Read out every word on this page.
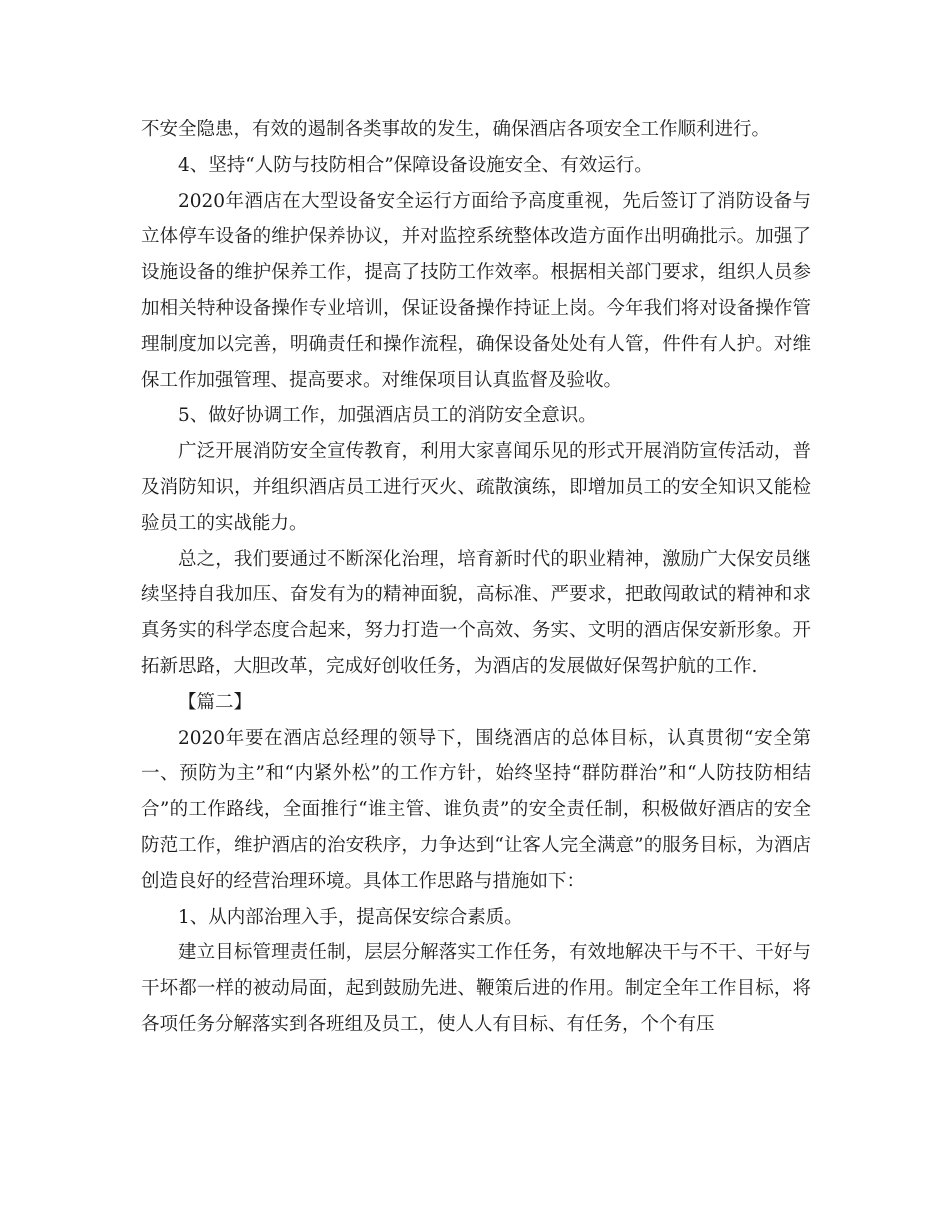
不安全隐患，有效的遏制各类事故的发生，确保酒店各项安全工作顺利进行。

4、坚持“人防与技防相合”保障设备设施安全、有效运行。

2020年酒店在大型设备安全运行方面给予高度重视，先后签订了消防设备与立体停车设备的维护保养协议，并对监控系统整体改造方面作出明确批示。加强了设施设备的维护保养工作，提高了技防工作效率。根据相关部门要求，组织人员参加相关特种设备操作专业培训，保证设备操作持证上岗。今年我们将对设备操作管理制度加以完善，明确责任和操作流程，确保设备处处有人管，件件有人护。对维保工作加强管理、提高要求。对维保项目认真监督及验收。

5、做好协调工作，加强酒店员工的消防安全意识。

广泛开展消防安全宣传教育，利用大家喜闻乐见的形式开展消防宣传活动，普及消防知识，并组织酒店员工进行灭火、疏散演练，即增加员工的安全知识又能检验员工的实战能力。

总之，我们要通过不断深化治理，培育新时代的职业精神，激励广大保安员继续坚持自我加压、奋发有为的精神面貌，高标准、严要求，把敢闯敢试的精神和求真务实的科学态度合起来，努力打造一个高效、务实、文明的酒店保安新形象。开拓新思路，大胆改革，完成好创收任务，为酒店的发展做好保驾护航的工作.

【篇二】

2020年要在酒店总经理的领导下，围绕酒店的总体目标，认真贯彻“安全第一、预防为主”和“内紧外松”的工作方针，始终坚持“群防群治”和“人防技防相结合”的工作路线，全面推行“谁主管、谁负责”的安全责任制，积极做好酒店的安全防范工作，维护酒店的治安秩序，力争达到“让客人完全满意”的服务目标，为酒店创造良好的经营治理环境。具体工作思路与措施如下：

1、从内部治理入手，提高保安综合素质。

建立目标管理责任制，层层分解落实工作任务，有效地解决干与不干、干好与干坏都一样的被动局面，起到鼓励先进、鞭策后进的作用。制定全年工作目标，将各项任务分解落实到各班组及员工，使人人有目标、有任务，个个有压
